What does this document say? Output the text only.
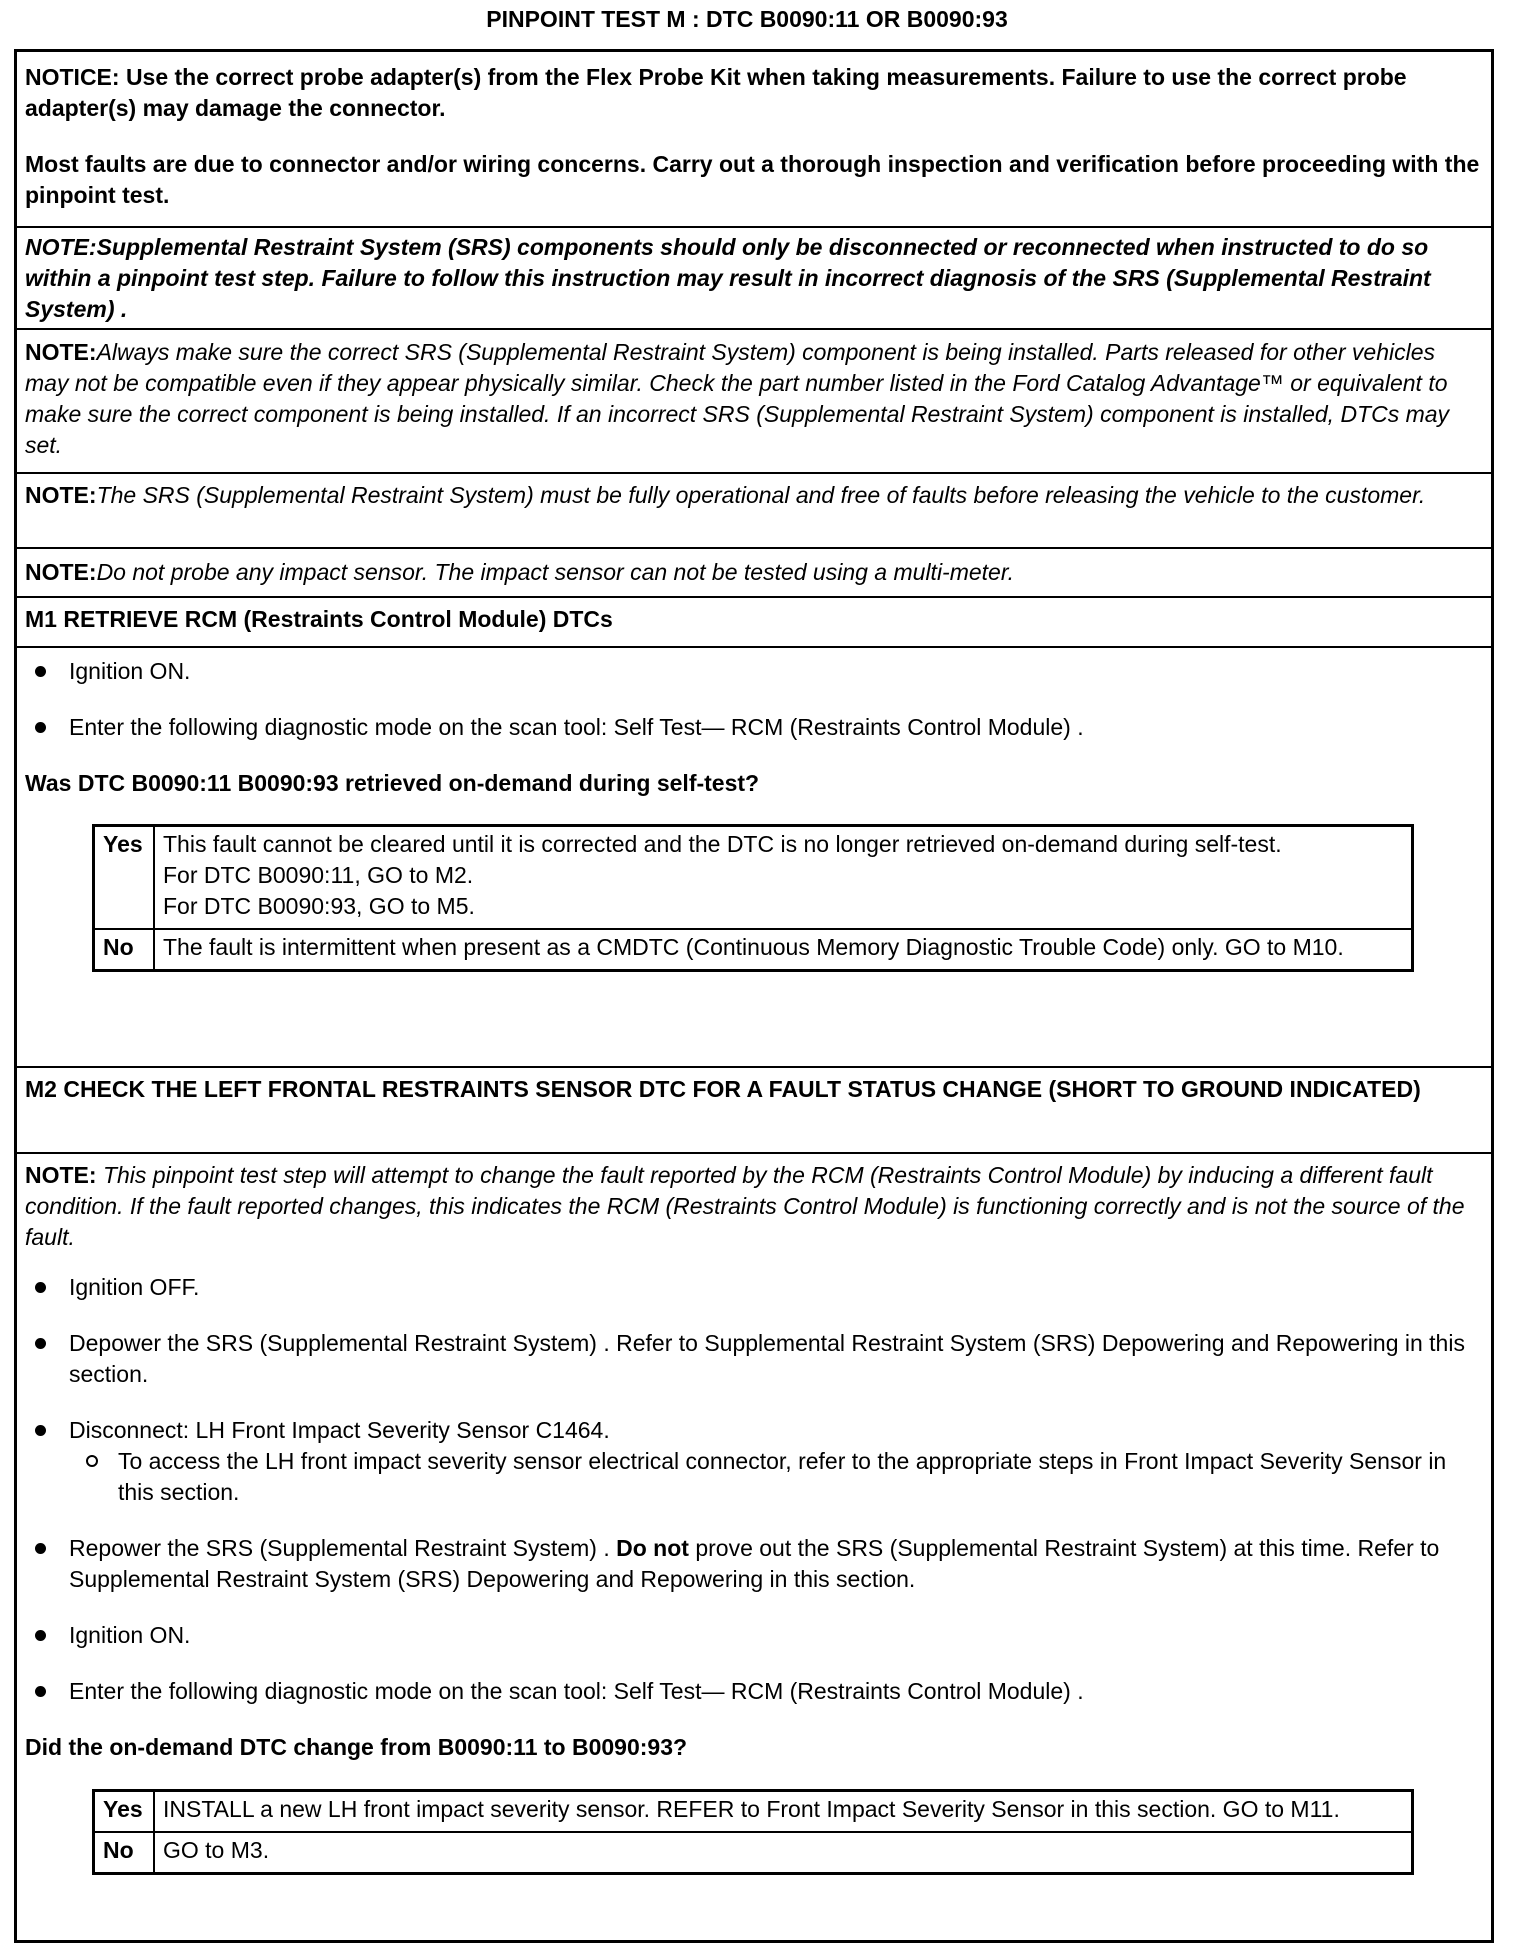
PINPOINT TEST M : DTC B0090:11 OR B0090:93

NOTICE: Use the correct probe adapter(s) from the Flex Probe Kit when taking measurements. Failure to use the correct probe adapter(s) may damage the connector.

Most faults are due to connector and/or wiring concerns. Carry out a thorough inspection and verification before proceeding with the pinpoint test.

NOTE:Supplemental Restraint System (SRS) components should only be disconnected or reconnected when instructed to do so within a pinpoint test step. Failure to follow this instruction may result in incorrect diagnosis of the SRS (Supplemental Restraint System) .

NOTE:Always make sure the correct SRS (Supplemental Restraint System) component is being installed. Parts released for other vehicles may not be compatible even if they appear physically similar. Check the part number listed in the Ford Catalog Advantage™ or equivalent to make sure the correct component is being installed. If an incorrect SRS (Supplemental Restraint System) component is installed, DTCs may set.

NOTE:The SRS (Supplemental Restraint System) must be fully operational and free of faults before releasing the vehicle to the customer.

NOTE:Do not probe any impact sensor. The impact sensor can not be tested using a multi-meter.

M1 RETRIEVE RCM (Restraints Control Module) DTCs

Ignition ON.
Enter the following diagnostic mode on the scan tool: Self Test— RCM (Restraints Control Module) .

Was DTC B0090:11 B0090:93 retrieved on-demand during self-test?

Yes	This fault cannot be cleared until it is corrected and the DTC is no longer retrieved on-demand during self-test.
For DTC B0090:11, GO to M2.
For DTC B0090:93, GO to M5.

No	The fault is intermittent when present as a CMDTC (Continuous Memory Diagnostic Trouble Code) only. GO to M10.

M2 CHECK THE LEFT FRONTAL RESTRAINTS SENSOR DTC FOR A FAULT STATUS CHANGE (SHORT TO GROUND INDICATED)

NOTE: This pinpoint test step will attempt to change the fault reported by the RCM (Restraints Control Module) by inducing a different fault condition. If the fault reported changes, this indicates the RCM (Restraints Control Module) is functioning correctly and is not the source of the fault.

Ignition OFF.
Depower the SRS (Supplemental Restraint System) . Refer to Supplemental Restraint System (SRS) Depowering and Repowering in this section.
Disconnect: LH Front Impact Severity Sensor C1464.
To access the LH front impact severity sensor electrical connector, refer to the appropriate steps in Front Impact Severity Sensor in this section.
Repower the SRS (Supplemental Restraint System) . Do not prove out the SRS (Supplemental Restraint System) at this time. Refer to Supplemental Restraint System (SRS) Depowering and Repowering in this section.
Ignition ON.
Enter the following diagnostic mode on the scan tool: Self Test— RCM (Restraints Control Module) .

Did the on-demand DTC change from B0090:11 to B0090:93?

Yes	INSTALL a new LH front impact severity sensor. REFER to Front Impact Severity Sensor in this section. GO to M11.
No	GO to M3.
